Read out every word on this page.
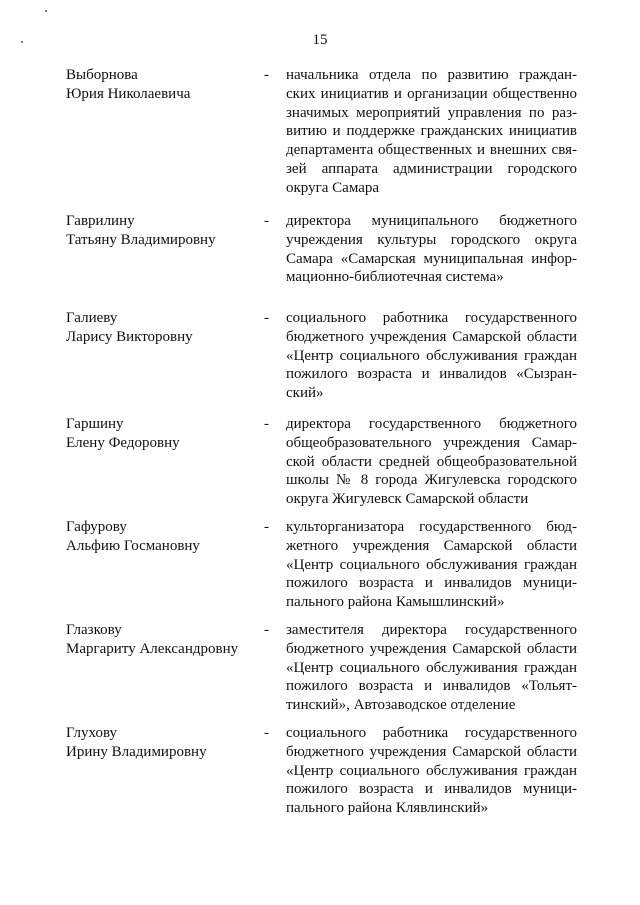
15
Выборнова
Юрия Николаевича
- начальника отдела по развитию граждан-
ских инициатив и организации общественно
значимых мероприятий управления по раз-
витию и поддержке гражданских инициатив
департамента общественных и внешних свя-
зей аппарата администрации городского
округа Самара
Гаврилину
Татьяну Владимировну
- директора муниципального бюджетного
учреждения культуры городского округа
Самара «Самарская муниципальная инфор-
мационно-библиотечная система»
Галиеву
Ларису Викторовну
- социального работника государственного
бюджетного учреждения Самарской области
«Центр социального обслуживания граждан
пожилого возраста и инвалидов «Сызран-
ский»
Гаршину
Елену Федоровну
- директора государственного бюджетного
общеобразовательного учреждения Самар-
ской области средней общеобразовательной
школы № 8 города Жигулевска городского
округа Жигулевск Самарской области
Гафурову
Альфию Госмановну
- культорганизатора государственного бюд-
жетного учреждения Самарской области
«Центр социального обслуживания граждан
пожилого возраста и инвалидов муници-
пального района Камышлинский»
Глазкову
Маргариту Александровну
- заместителя директора государственного
бюджетного учреждения Самарской области
«Центр социального обслуживания граждан
пожилого возраста и инвалидов «Тольят-
тинский», Автозаводское отделение
Глухову
Ирину Владимировну
- социального работника государственного
бюджетного учреждения Самарской области
«Центр социального обслуживания граждан
пожилого возраста и инвалидов муници-
пального района Клявлинский»
